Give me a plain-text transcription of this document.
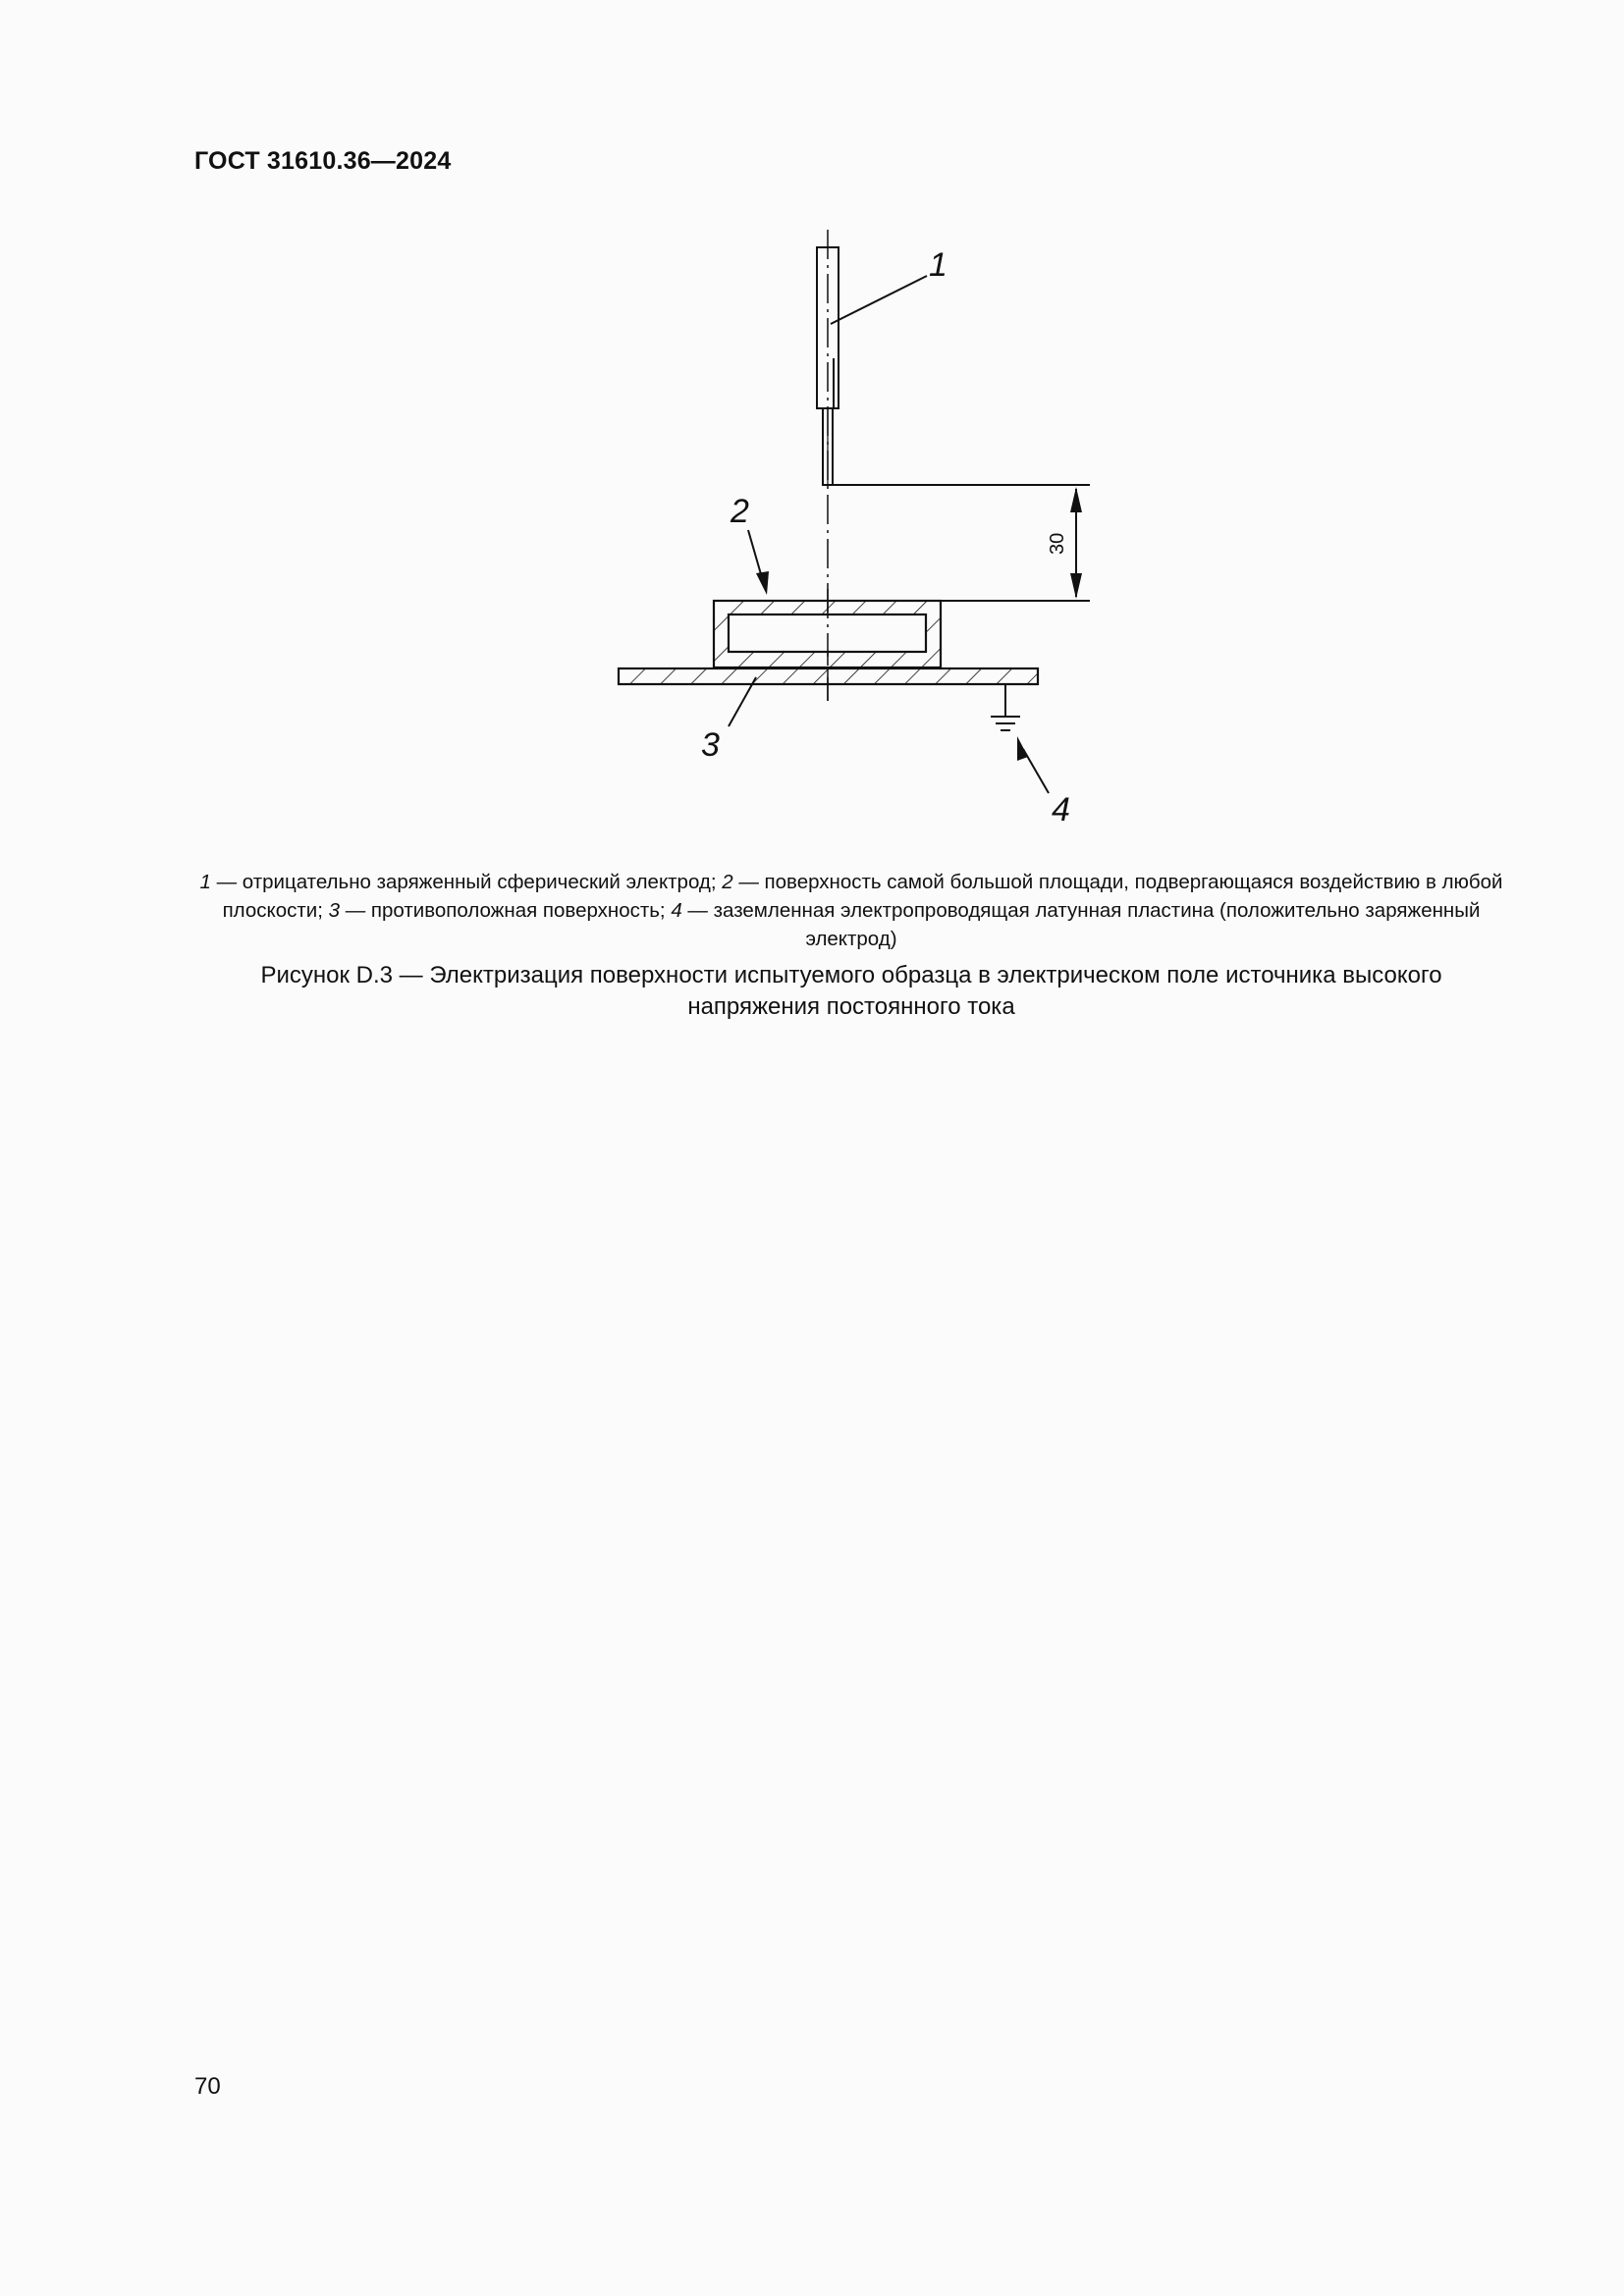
ГОСТ 31610.36—2024
1
30
2
3
4
1 — отрицательно заряженный сферический электрод; 2 — поверхность самой большой площади, подвергающаяся воздействию в любой плоскости; 3 — противоположная поверхность; 4 — заземленная электропроводящая латунная пластина (положительно заряженный электрод)
Рисунок D.3 — Электризация поверхности испытуемого образца в электрическом поле источника высокого
напряжения постоянного тока
70
